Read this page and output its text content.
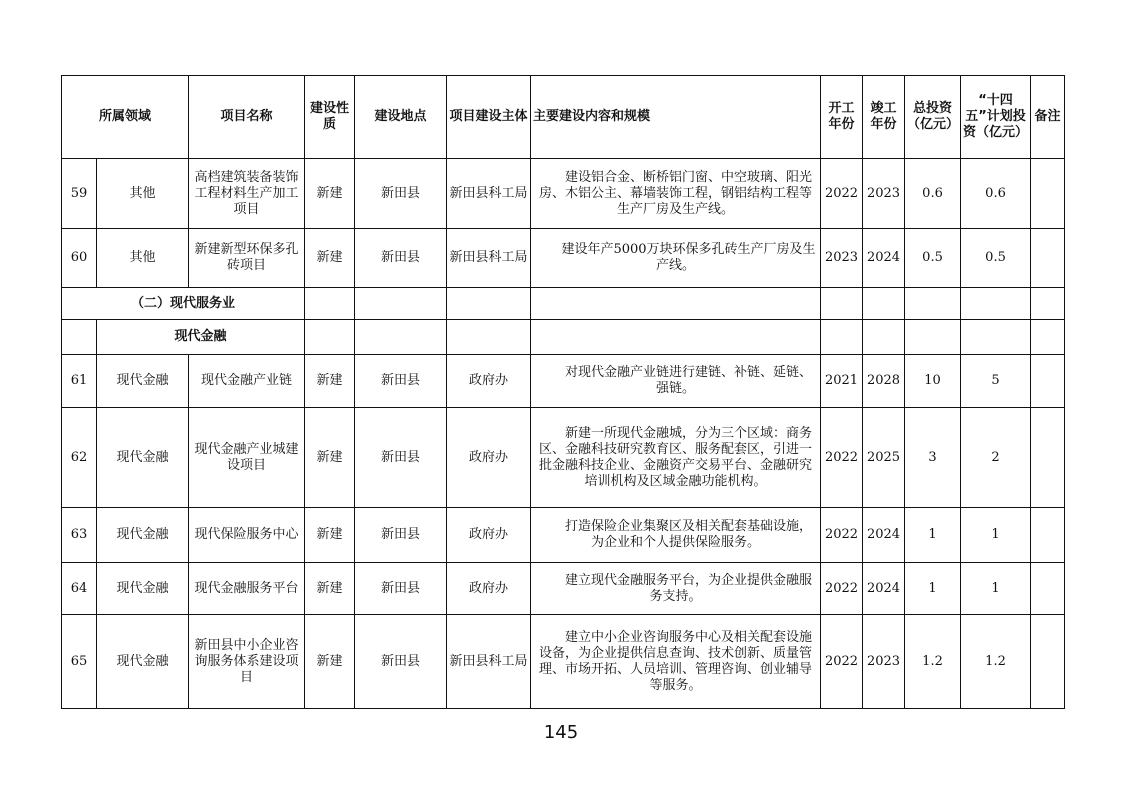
所属领域		项目名称	建设性质	建设地点	项目建设主体	主要建设内容和规模	开工年份	竣工年份	总投资（亿元）	“十四五”计划投资（亿元）	备注
59	其他	高档建筑装备装饰工程材料生产加工项目	新建	新田县	新田县科工局	建设铝合金、断桥铝门窗、中空玻璃、阳光房、木铝公主、幕墙装饰工程，钢铝结构工程等生产厂房及生产线。	2022	2023	0.6	0.6	
60	其他	新建新型环保多孔砖项目	新建	新田县	新田县科工局	建设年产5000万块环保多孔砖生产厂房及生产线。	2023	2024	0.5	0.5	
（二）现代服务业											
	现代金融										
61	现代金融	现代金融产业链	新建	新田县	政府办	对现代金融产业链进行建链、补链、延链、强链。	2021	2028	10	5	
62	现代金融	现代金融产业城建设项目	新建	新田县	政府办	新建一所现代金融城，分为三个区域：商务区、金融科技研究教育区、服务配套区，引进一批金融科技企业、金融资产交易平台、金融研究培训机构及区域金融功能机构。	2022	2025	3	2	
63	现代金融	现代保险服务中心	新建	新田县	政府办	打造保险企业集聚区及相关配套基础设施，为企业和个人提供保险服务。	2022	2024	1	1	
64	现代金融	现代金融服务平台	新建	新田县	政府办	建立现代金融服务平台，为企业提供金融服务支持。	2022	2024	1	1	
65	现代金融	新田县中小企业咨询服务体系建设项目	新建	新田县	新田县科工局	建立中小企业咨询服务中心及相关配套设施设备，为企业提供信息查询、技术创新、质量管理、市场开拓、人员培训、管理咨询、创业辅导等服务。	2022	2023	1.2	1.2	
145
